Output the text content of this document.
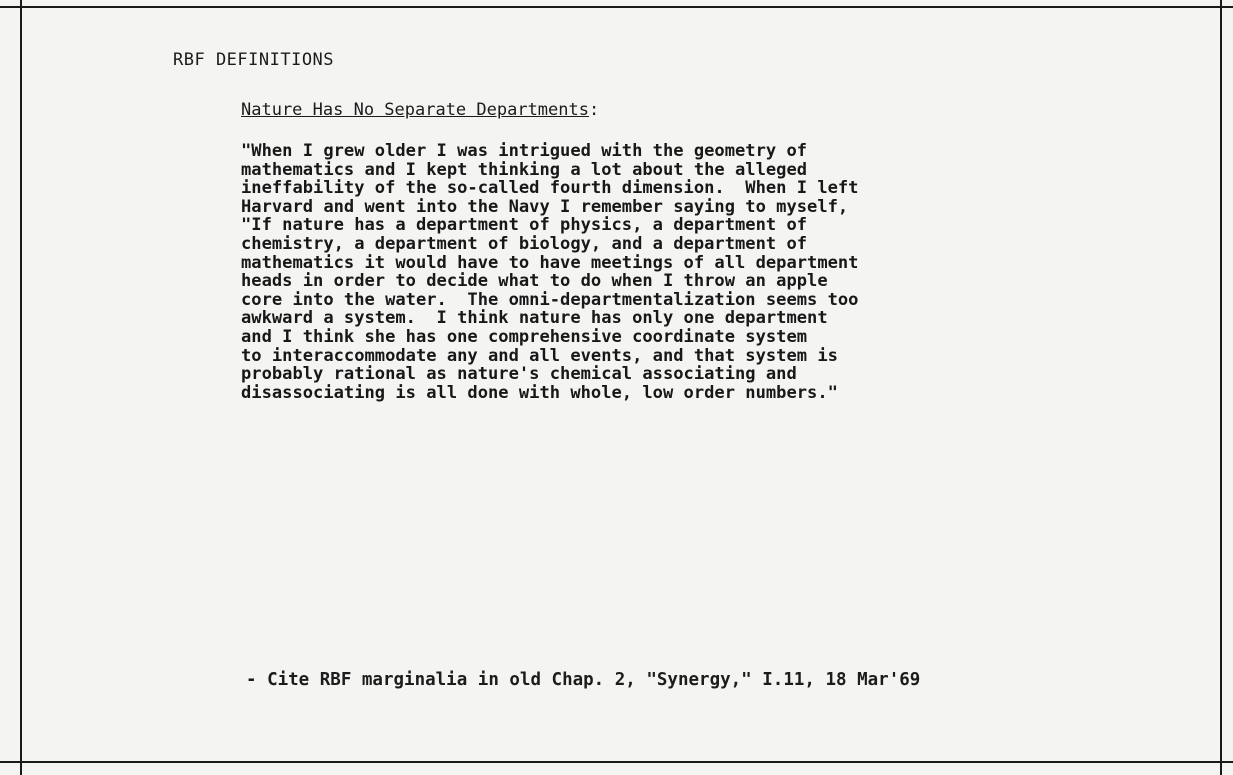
RBF DEFINITIONS
Nature Has No Separate Departments:
"When I grew older I was intrigued with the geometry of
mathematics and I kept thinking a lot about the alleged
ineffability of the so-called fourth dimension.  When I left
Harvard and went into the Navy I remember saying to myself,
"If nature has a department of physics, a department of
chemistry, a department of biology, and a department of
mathematics it would have to have meetings of all department
heads in order to decide what to do when I throw an apple
core into the water.  The omni-departmentalization seems too
awkward a system.  I think nature has only one department
and I think she has one comprehensive coordinate system
to interaccommodate any and all events, and that system is
probably rational as nature's chemical associating and
disassociating is all done with whole, low order numbers."
- Cite RBF marginalia in old Chap. 2, "Synergy," I.11, 18 Mar'69
